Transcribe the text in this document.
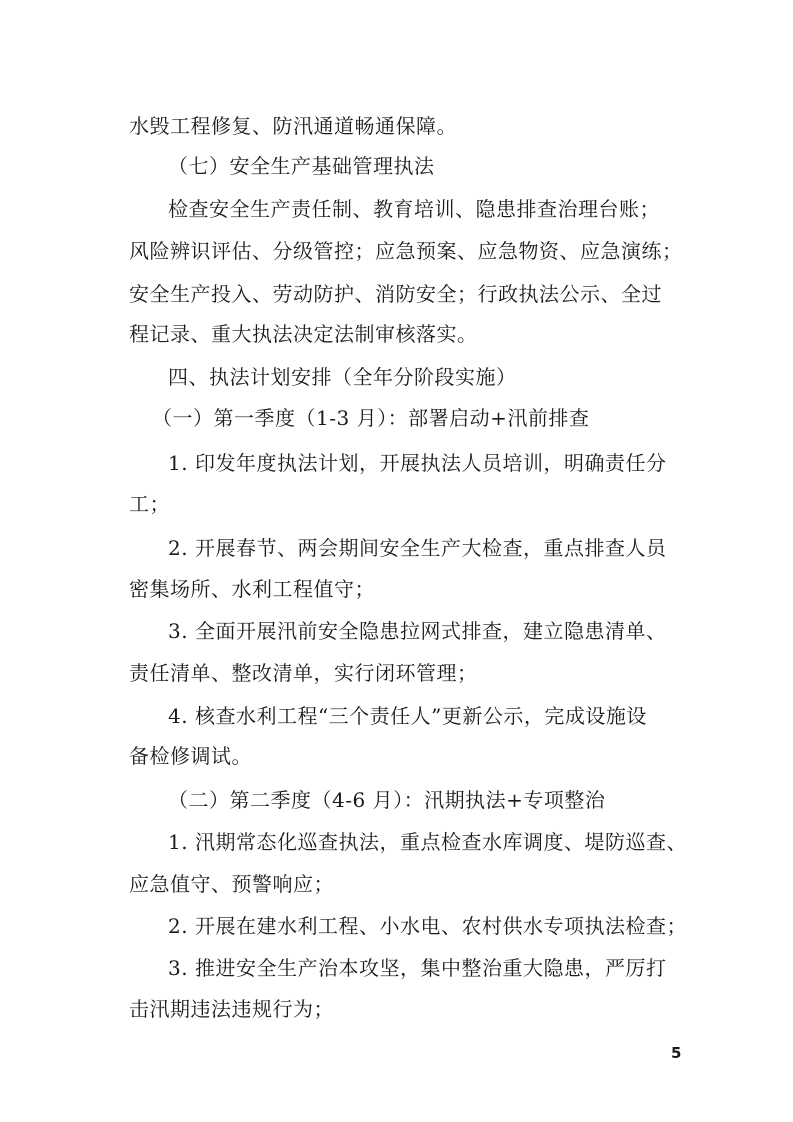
水毁工程修复、防汛通道畅通保障。
（七）安全生产基础管理执法
检查安全生产责任制、教育培训、隐患排查治理台账；
风险辨识评估、分级管控；应急预案、应急物资、应急演练；
安全生产投入、劳动防护、消防安全；行政执法公示、全过
程记录、重大执法决定法制审核落实。
四、执法计划安排（全年分阶段实施）
（一）第一季度（1-3 月）：部署启动+汛前排查
1. 印发年度执法计划，开展执法人员培训，明确责任分
工；
2. 开展春节、两会期间安全生产大检查，重点排查人员
密集场所、水利工程值守；
3. 全面开展汛前安全隐患拉网式排查，建立隐患清单、
责任清单、整改清单，实行闭环管理；
4. 核查水利工程“三个责任人”更新公示，完成设施设
备检修调试。
（二）第二季度（4-6 月）：汛期执法+专项整治
1. 汛期常态化巡查执法，重点检查水库调度、堤防巡查、
应急值守、预警响应；
2. 开展在建水利工程、小水电、农村供水专项执法检查；
3. 推进安全生产治本攻坚，集中整治重大隐患，严厉打
击汛期违法违规行为；
5
